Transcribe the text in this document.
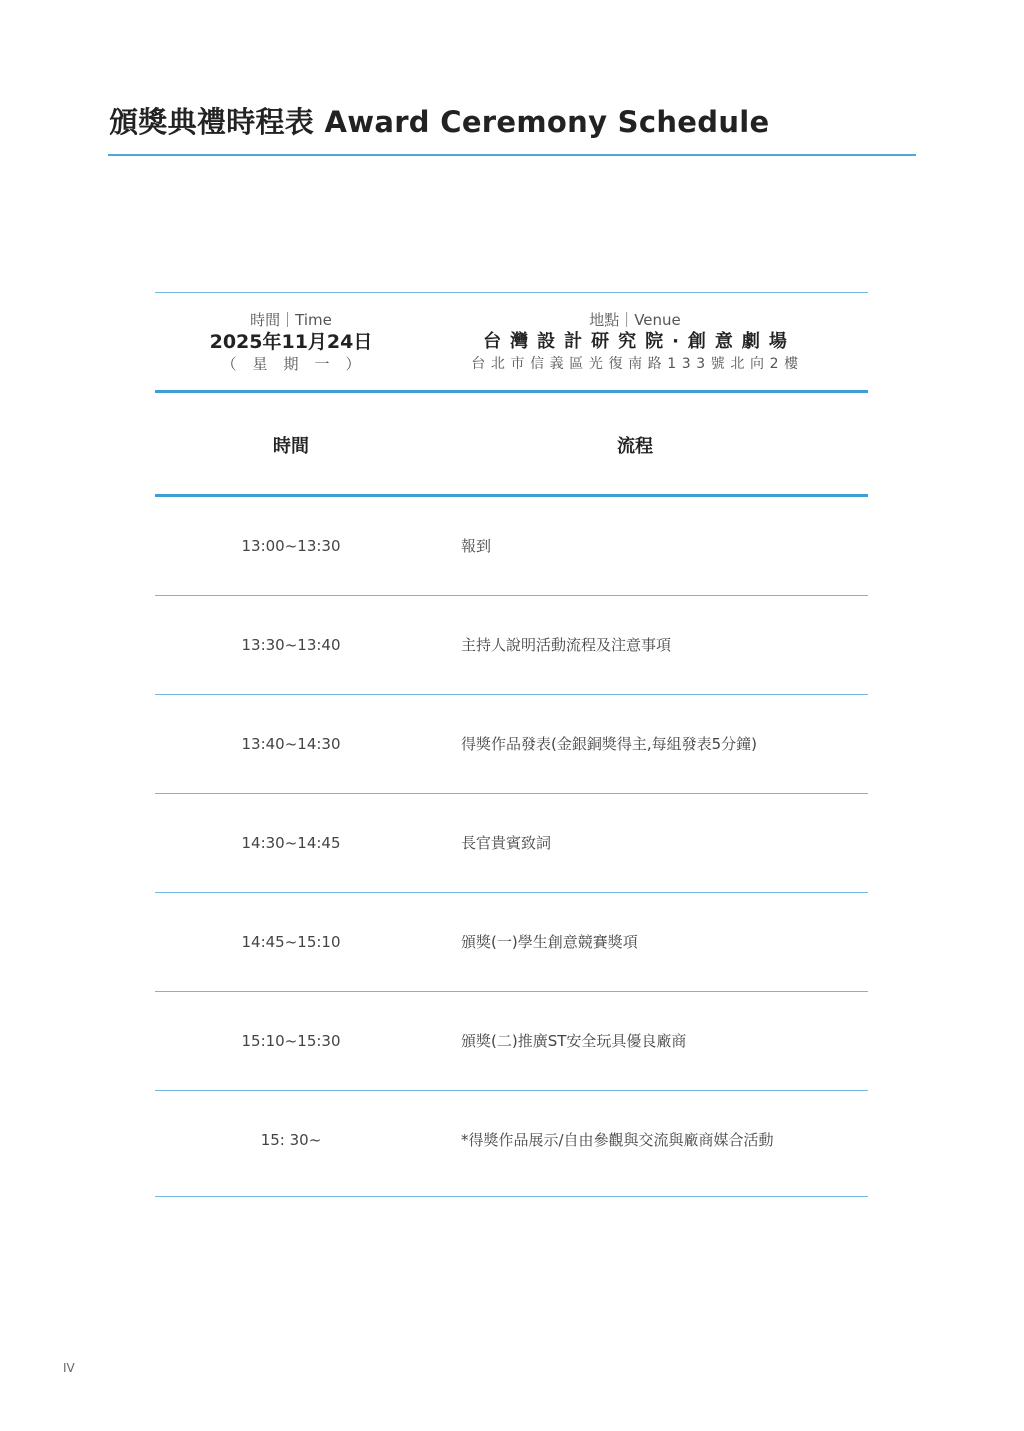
頒獎典禮時程表 Award Ceremony Schedule
時間｜Time
2025年11月24日
（星期一）
地點｜Venue
台灣設計研究院·創意劇場
台北市信義區光復南路133號北向2樓
時間	流程
13:00~13:30	報到
13:30~13:40	主持人說明活動流程及注意事項
13:40~14:30	得獎作品發表(金銀銅獎得主,每組發表5分鐘)
14:30~14:45	長官貴賓致詞
14:45~15:10	頒獎(一)學生創意競賽獎項
15:10~15:30	頒獎(二)推廣ST安全玩具優良廠商
15: 30~	*得獎作品展示/自由參觀與交流與廠商媒合活動
IV
